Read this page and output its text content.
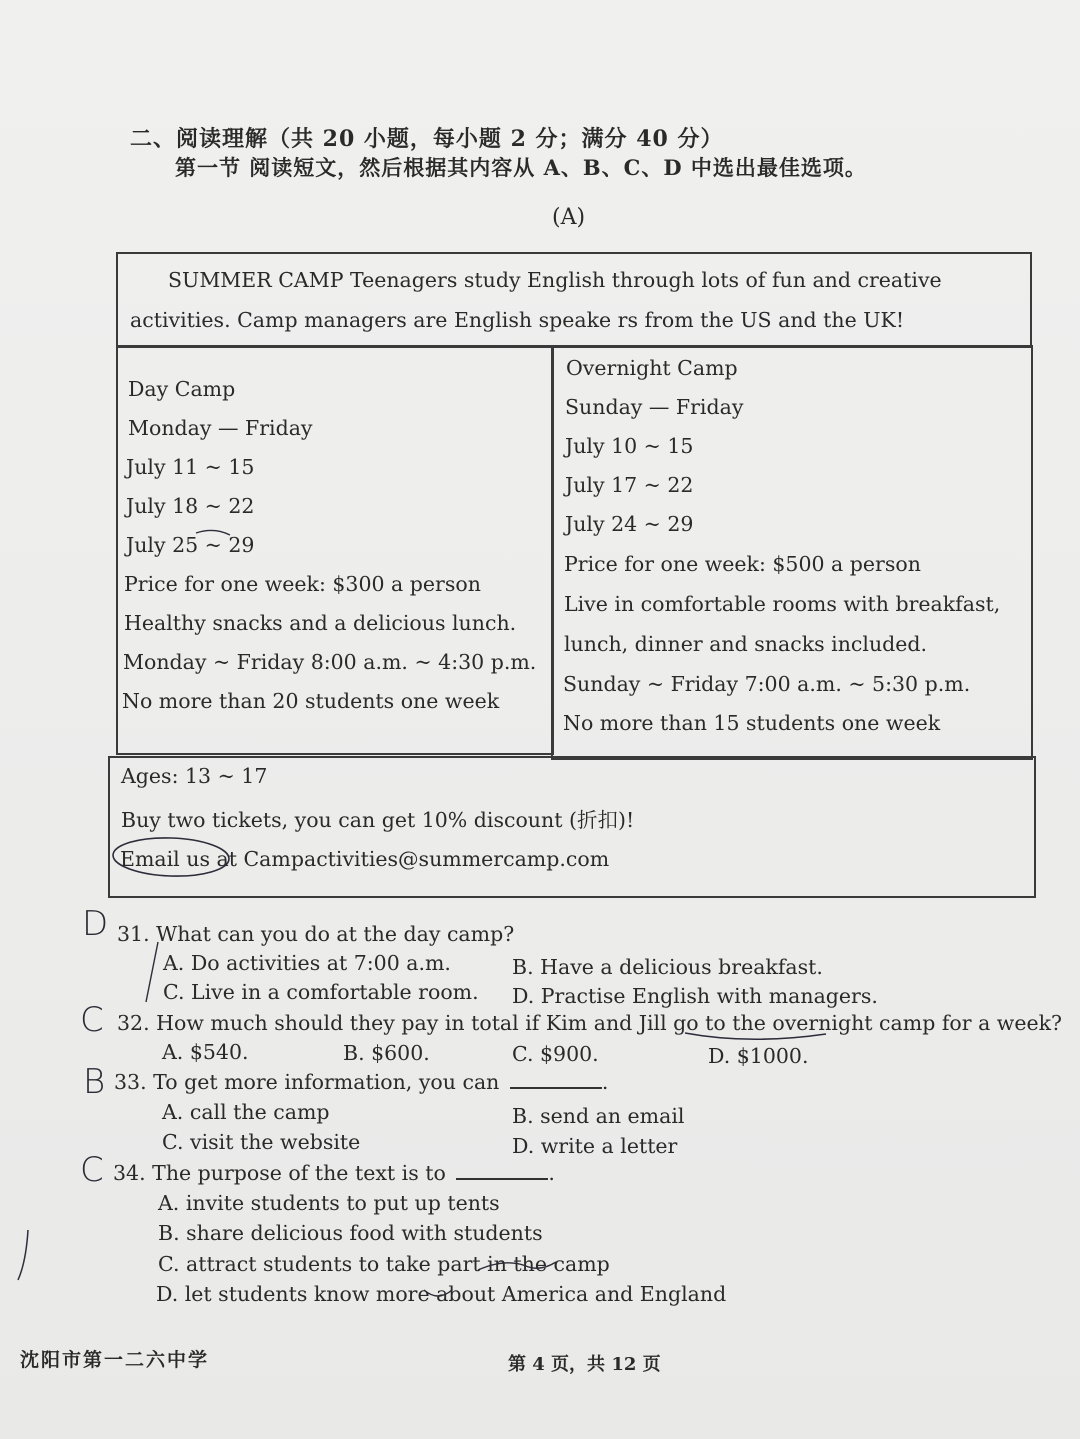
二、阅读理解（共 20 小题，每小题 2 分；满分 40 分）
第一节 阅读短文，然后根据其内容从 A、B、C、D 中选出最佳选项。
(A)

SUMMER CAMP Teenagers study English through lots of fun and creative activities. Camp managers are English speake rs from the US and the UK!

Day Camp
Monday — Friday
July 11 ~ 15
July 18 ~ 22
July 25 ~ 29
Price for one week: $300 a person
Healthy snacks and a delicious lunch.
Monday ~ Friday 8:00 a.m. ~ 4:30 p.m.
No more than 20 students one week
Overnight Camp
Sunday — Friday
July 10 ~ 15
July 17 ~ 22
July 24 ~ 29
Price for one week: $500 a person
Live in comfortable rooms with breakfast,
lunch, dinner and snacks included.
Sunday ~ Friday 7:00 a.m. ~ 5:30 p.m.
No more than 15 students one week
Ages: 13 ~ 17
Buy two tickets, you can get 10% discount (折扣)!
Email us at Campactivities@summercamp.com
D
C
B
C
31. What can you do at the day camp?
A. Do activities at 7:00 a.m.	B. Have a delicious breakfast.
C. Live in a comfortable room. D. Practise English with managers.
32. How much should they pay in total if Kim and Jill go to the overnight camp for a week?
A. $540.	B. $600.	C. $900.	D. $1000.
33. To get more information, you can	.
A. call the camp	B. send an email
C. visit the website	D. write a letter
34. The purpose of the text is to	.
A. invite students to put up tents
B. share delicious food with students
C. attract students to take part in the camp
D. let students know more about America and England
沈阳市第一二六中学	第 4 页，共 12 页
